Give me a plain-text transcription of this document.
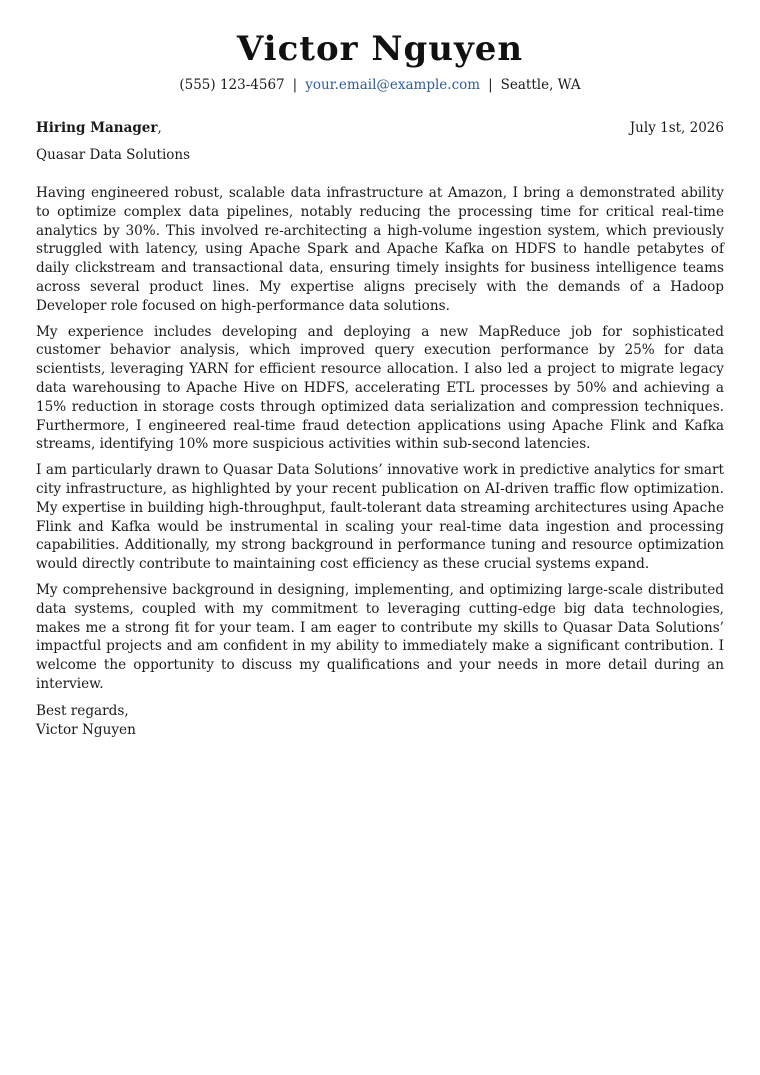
Victor Nguyen
(555) 123-4567 | your.email@example.com | Seattle, WA
Hiring Manager,	July 1st, 2026
Quasar Data Solutions

Having engineered robust, scalable data infrastructure at Amazon, I bring a demonstrated ability to optimize complex data pipelines, notably reducing the processing time for critical real-time analytics by 30%. This involved re-architecting a high-volume ingestion system, which previously struggled with latency, using Apache Spark and Apache Kafka on HDFS to handle petabytes of daily clickstream and transactional data, ensuring timely insights for business intelligence teams across several product lines. My expertise aligns precisely with the demands of a Hadoop Developer role focused on high-performance data solutions.

My experience includes developing and deploying a new MapReduce job for sophisticated customer behavior analysis, which improved query execution performance by 25% for data scientists, leveraging YARN for efficient resource allocation. I also led a project to migrate legacy data warehousing to Apache Hive on HDFS, accelerating ETL processes by 50% and achieving a 15% reduction in storage costs through optimized data serialization and compression techniques. Furthermore, I engineered real-time fraud detection applications using Apache Flink and Kafka streams, identifying 10% more suspicious activities within sub-second latencies.

I am particularly drawn to Quasar Data Solutions’ innovative work in predictive analytics for smart city infrastructure, as highlighted by your recent publication on AI-driven traffic flow optimization. My expertise in building high-throughput, fault-tolerant data streaming architectures using Apache Flink and Kafka would be instrumental in scaling your real-time data ingestion and processing capabilities. Additionally, my strong background in performance tuning and resource optimization would directly contribute to maintaining cost efficiency as these crucial systems expand.

My comprehensive background in designing, implementing, and optimizing large-scale distributed data systems, coupled with my commitment to leveraging cutting-edge big data technologies, makes me a strong fit for your team. I am eager to contribute my skills to Quasar Data Solutions’ impactful projects and am confident in my ability to immediately make a significant contribution. I welcome the opportunity to discuss my qualifications and your needs in more detail during an interview.

Best regards,
Victor Nguyen
